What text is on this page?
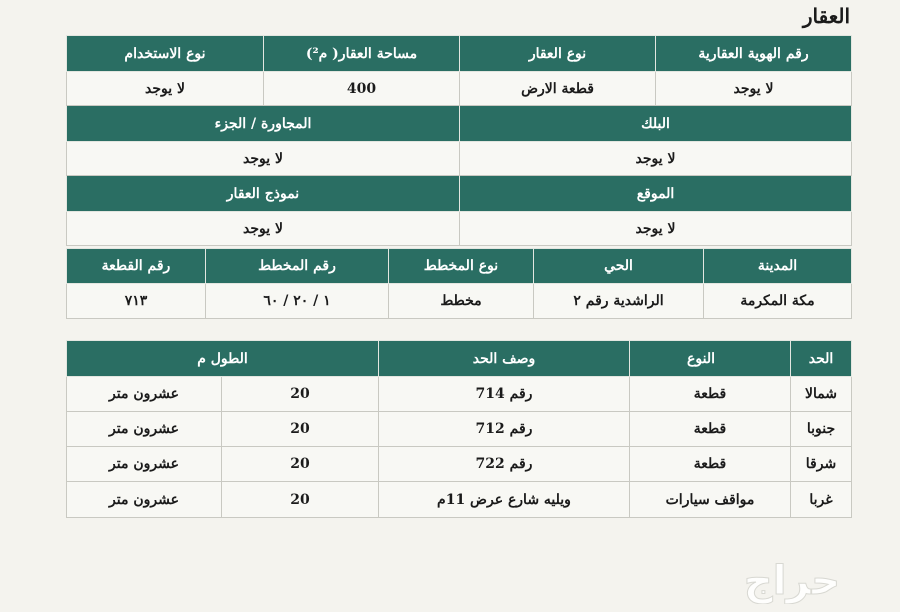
العقار
رقم الهوية العقارية	نوع العقار	مساحة العقار( م²)	نوع الاستخدام
لا يوجد	قطعة الارض	400	لا يوجد
البلك		المجاورة / الجزء	
لا يوجد		لا يوجد	
الموقع		نموذج العقار	
لا يوجد		لا يوجد	
المدينة	الحي	نوع المخطط	رقم المخطط	رقم القطعة
مكة المكرمة	الراشدية رقم ٢	مخطط	١ / ٢٠ / ٦٠	٧١٣
الحد	النوع	وصف الحد	الطول م	
شمالا	قطعة	رقم 714	20	عشرون متر
جنوبا	قطعة	رقم 712	20	عشرون متر
شرقا	قطعة	رقم 722	20	عشرون متر
غربا	مواقف سيارات	ويليه شارع عرض 11م	20	عشرون متر
حراج
